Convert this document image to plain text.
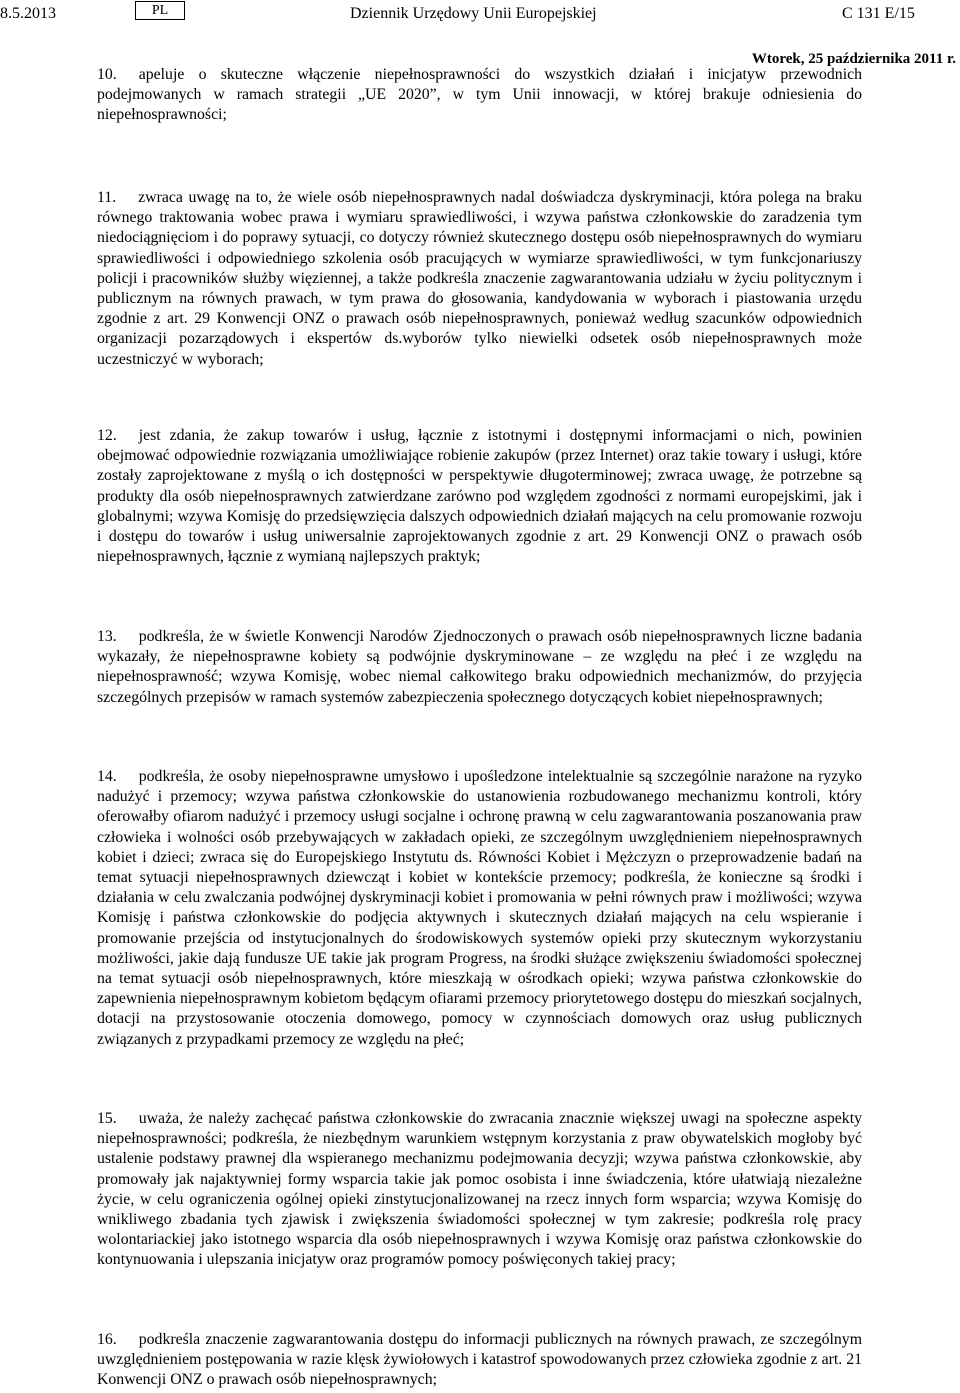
8.5.2013	PL	Dziennik Urzędowy Unii Europejskiej	C 131 E/15
Wtorek, 25 października 2011 r.

10. apeluje o skuteczne włączenie niepełnosprawności do wszystkich działań i inicjatyw przewodnich podejmowanych w ramach strategii „UE 2020”, w tym Unii innowacji, w której brakuje odniesienia do niepełnosprawności;

11. zwraca uwagę na to, że wiele osób niepełnosprawnych nadal doświadcza dyskryminacji, która polega na braku równego traktowania wobec prawa i wymiaru sprawiedliwości, i wzywa państwa członkowskie do zaradzenia tym niedociągnięciom i do poprawy sytuacji, co dotyczy również skutecznego dostępu osób niepełnosprawnych do wymiaru sprawiedliwości i odpowiedniego szkolenia osób pracujących w wymiarze sprawiedliwości, w tym funkcjonariuszy policji i pracowników służby więziennej, a także podkreśla znaczenie zagwarantowania udziału w życiu politycznym i publicznym na równych prawach, w tym prawa do głosowania, kandydowania w wyborach i piastowania urzędu zgodnie z art. 29 Konwencji ONZ o prawach osób niepełnosprawnych, ponieważ według szacunków odpowiednich organizacji pozarządowych i ekspertów ds.wyborów tylko niewielki odsetek osób niepełnosprawnych może uczestniczyć w wyborach;

12. jest zdania, że zakup towarów i usług, łącznie z istotnymi i dostępnymi informacjami o nich, powinien obejmować odpowiednie rozwiązania umożliwiające robienie zakupów (przez Internet) oraz takie towary i usługi, które zostały zaprojektowane z myślą o ich dostępności w perspektywie długoterminowej; zwraca uwagę, że potrzebne są produkty dla osób niepełnosprawnych zatwierdzane zarówno pod względem zgodności z normami europejskimi, jak i globalnymi; wzywa Komisję do przedsięwzięcia dalszych odpowiednich działań mających na celu promowanie rozwoju i dostępu do towarów i usług uniwersalnie zaprojektowanych zgodnie z art. 29 Konwencji ONZ o prawach osób niepełnosprawnych, łącznie z wymianą najlepszych praktyk;

13. podkreśla, że w świetle Konwencji Narodów Zjednoczonych o prawach osób niepełnosprawnych liczne badania wykazały, że niepełnosprawne kobiety są podwójnie dyskryminowane – ze względu na płeć i ze względu na niepełnosprawność; wzywa Komisję, wobec niemal całkowitego braku odpowiednich mechanizmów, do przyjęcia szczególnych przepisów w ramach systemów zabezpieczenia społecznego dotyczących kobiet niepełnosprawnych;

14. podkreśla, że osoby niepełnosprawne umysłowo i upośledzone intelektualnie są szczególnie narażone na ryzyko nadużyć i przemocy; wzywa państwa członkowskie do ustanowienia rozbudowanego mechanizmu kontroli, który oferowałby ofiarom nadużyć i przemocy usługi socjalne i ochronę prawną w celu zagwarantowania poszanowania praw człowieka i wolności osób przebywających w zakładach opieki, ze szczególnym uwzględnieniem niepełnosprawnych kobiet i dzieci; zwraca się do Europejskiego Instytutu ds. Równości Kobiet i Mężczyzn o przeprowadzenie badań na temat sytuacji niepełnosprawnych dziewcząt i kobiet w kontekście przemocy; podkreśla, że konieczne są środki i działania w celu zwalczania podwójnej dyskryminacji kobiet i promowania w pełni równych praw i możliwości; wzywa Komisję i państwa członkowskie do podjęcia aktywnych i skutecznych działań mających na celu wspieranie i promowanie przejścia od instytucjonalnych do środowiskowych systemów opieki przy skutecznym wykorzystaniu możliwości, jakie dają fundusze UE takie jak program Progress, na środki służące zwiększeniu świadomości społecznej na temat sytuacji osób niepełnosprawnych, które mieszkają w ośrodkach opieki; wzywa państwa członkowskie do zapewnienia niepełnosprawnym kobietom będącym ofiarami przemocy priorytetowego dostępu do mieszkań socjalnych, dotacji na przystosowanie otoczenia domowego, pomocy w czynnościach domowych oraz usług publicznych związanych z przypadkami przemocy ze względu na płeć;

15. uważa, że należy zachęcać państwa członkowskie do zwracania znacznie większej uwagi na społeczne aspekty niepełnosprawności; podkreśla, że niezbędnym warunkiem wstępnym korzystania z praw obywatelskich mogłoby być ustalenie podstawy prawnej dla wspieranego mechanizmu podejmowania decyzji; wzywa państwa członkowskie, aby promowały jak najaktywniej formy wsparcia takie jak pomoc osobista i inne świadczenia, które ułatwiają niezależne życie, w celu ograniczenia ogólnej opieki zinstytucjonalizowanej na rzecz innych form wsparcia; wzywa Komisję do wnikliwego zbadania tych zjawisk i zwiększenia świadomości społecznej w tym zakresie; podkreśla rolę pracy wolontariackiej jako istotnego wsparcia dla osób niepełnosprawnych i wzywa Komisję oraz państwa członkowskie do kontynuowania i ulepszania inicjatyw oraz programów pomocy poświęconych takiej pracy;

16. podkreśla znaczenie zagwarantowania dostępu do informacji publicznych na równych prawach, ze szczególnym uwzględnieniem postępowania w razie klęsk żywiołowych i katastrof spowodowanych przez człowieka zgodnie z art. 21 Konwencji ONZ o prawach osób niepełnosprawnych;
